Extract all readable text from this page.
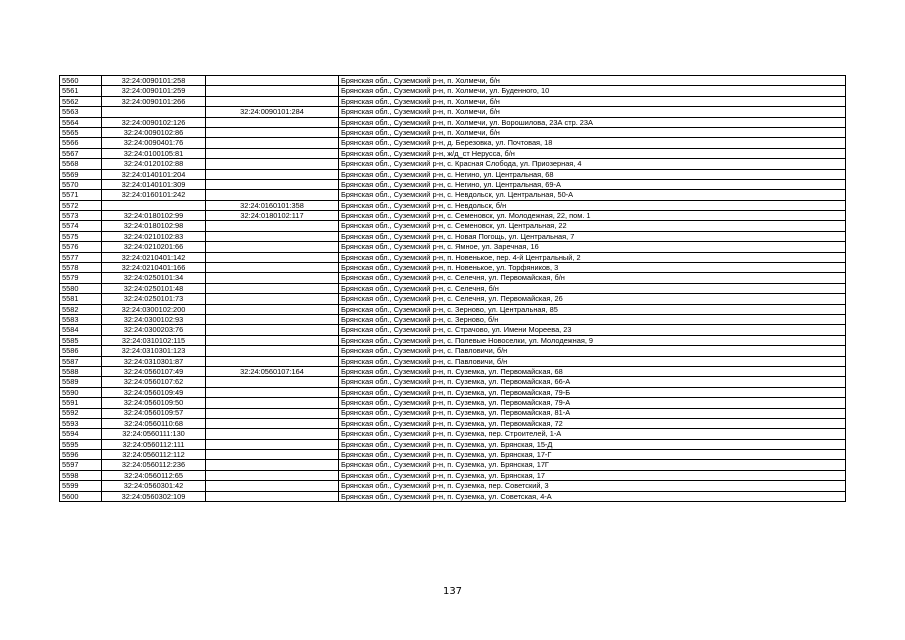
5560	32:24:0090101:258		Брянская обл., Суземский р-н, п. Холмечи, б/н
5561	32:24:0090101:259		Брянская обл., Суземский р-н, п. Холмечи, ул. Буденного, 10
5562	32:24:0090101:266		Брянская обл., Суземский р-н, п. Холмечи, б/н
5563		32:24:0090101:284	Брянская обл., Суземский р-н, п. Холмечи, б/н
5564	32:24:0090102:126		Брянская обл., Суземский р-н, п. Холмечи, ул. Ворошилова, 23А стр. 23А
5565	32:24:0090102:86		Брянская обл., Суземский р-н, п. Холмечи, б/н
5566	32:24:0090401:76		Брянская обл., Суземский р-н, д. Березовка, ул. Почтовая, 18
5567	32:24:0100105:81		Брянская обл., Суземский р-н, ж/д_ст Нерусса, б/н
5568	32:24:0120102:88		Брянская обл., Суземский р-н, с. Красная Слобода, ул. Приозерная, 4
5569	32:24:0140101:204		Брянская обл., Суземский р-н, с. Негино, ул. Центральная, 68
5570	32:24:0140101:309		Брянская обл., Суземский р-н, с. Негино, ул. Центральная, 69-А
5571	32:24:0160101:242		Брянская обл., Суземский р-н, с. Невдольск, ул. Центральная, 50-А
5572		32:24:0160101:358	Брянская обл., Суземский р-н, с. Невдольск, б/н
5573	32:24:0180102:99	32:24:0180102:117	Брянская обл., Суземский р-н, с. Семеновск, ул. Молодежная, 22, пом. 1
5574	32:24:0180102:98		Брянская обл., Суземский р-н, с. Семеновск, ул. Центральная, 22
5575	32:24:0210102:83		Брянская обл., Суземский р-н, с. Новая Погощь, ул. Центральная, 7
5576	32:24:0210201:66		Брянская обл., Суземский р-н, с. Ямное, ул. Заречная, 16
5577	32:24:0210401:142		Брянская обл., Суземский р-н, п. Новенькое, пер. 4-й Центральный, 2
5578	32:24:0210401:166		Брянская обл., Суземский р-н, п. Новенькое, ул. Торфяников, 3
5579	32:24:0250101:34		Брянская обл., Суземский р-н, с. Селечня, ул. Первомайская, б/н
5580	32:24:0250101:48		Брянская обл., Суземский р-н, с. Селечня, б/н
5581	32:24:0250101:73		Брянская обл., Суземский р-н, с. Селечня, ул. Первомайская, 26
5582	32:24:0300102:200		Брянская обл., Суземский р-н, с. Зерново, ул. Центральная, 85
5583	32:24:0300102:93		Брянская обл., Суземский р-н, с. Зерново, б/н
5584	32:24:0300203:76		Брянская обл., Суземский р-н, с. Страчово, ул. Имени Мореева, 23
5585	32:24:0310102:115		Брянская обл., Суземский р-н, с. Полевые Новоселки, ул. Молодежная, 9
5586	32:24:0310301:123		Брянская обл., Суземский р-н, с. Павловичи, б/н
5587	32:24:0310301:87		Брянская обл., Суземский р-н, с. Павловичи, б/н
5588	32:24:0560107:49	32:24:0560107:164	Брянская обл., Суземский р-н, п. Суземка, ул. Первомайская, 68
5589	32:24:0560107:62		Брянская обл., Суземский р-н, п. Суземка, ул. Первомайская, 66-А
5590	32:24:0560109:49		Брянская обл., Суземский р-н, п. Суземка, ул. Первомайская, 79-Б
5591	32:24:0560109:50		Брянская обл., Суземский р-н, п. Суземка, ул. Первомайская, 79-А
5592	32:24:0560109:57		Брянская обл., Суземский р-н, п. Суземка, ул. Первомайская, 81-А
5593	32:24:0560110:68		Брянская обл., Суземский р-н, п. Суземка, ул. Первомайская, 72
5594	32:24:0560111:130		Брянская обл., Суземский р-н, п. Суземка, пер. Строителей, 1-А
5595	32:24:0560112:111		Брянская обл., Суземский р-н, п. Суземка, ул. Брянская, 15-Д
5596	32:24:0560112:112		Брянская обл., Суземский р-н, п. Суземка, ул. Брянская, 17-Г
5597	32:24:0560112:236		Брянская обл., Суземский р-н, п. Суземка, ул. Брянская, 17Г
5598	32:24:0560112:65		Брянская обл., Суземский р-н, п. Суземка, ул. Брянская, 17
5599	32:24:0560301:42		Брянская обл., Суземский р-н, п. Суземка, пер. Советский, 3
5600	32:24:0560302:109		Брянская обл., Суземский р-н, п. Суземка, ул. Советская, 4-А
137
